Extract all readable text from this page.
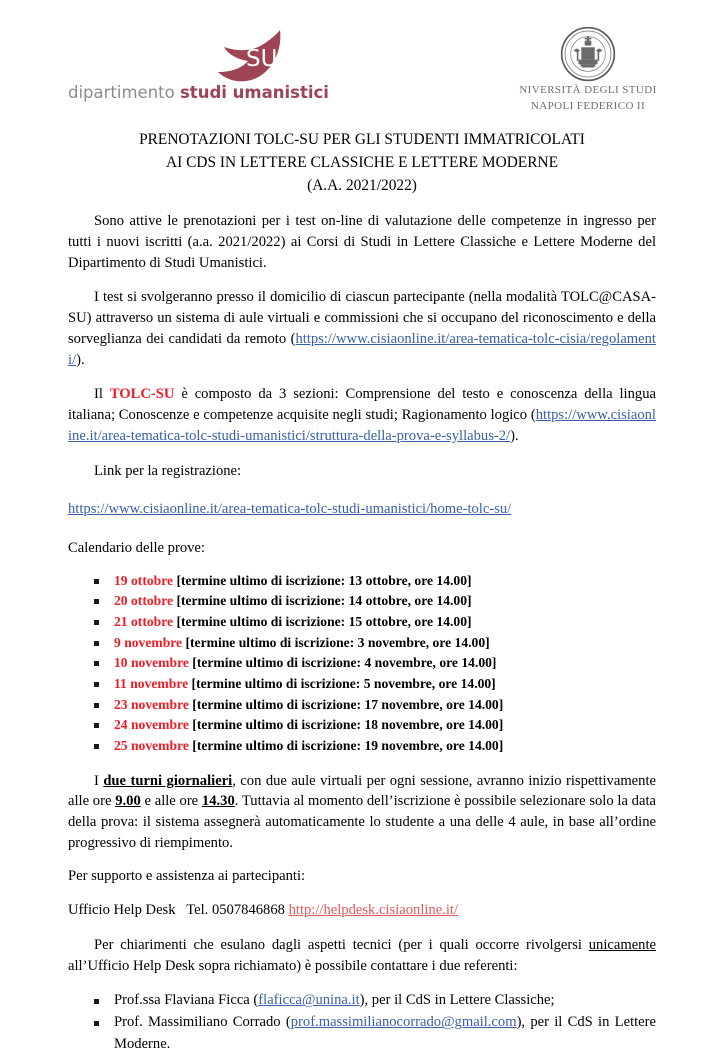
SU
dipartimento studi umanistici
· · · · · · ·
· · · · · ·
NIVERSITÀ DEGLI STUDI
NAPOLI FEDERICO II
PRENOTAZIONI TOLC-SU PER GLI STUDENTI IMMATRICOLATI
AI CDS IN LETTERE CLASSICHE E LETTERE MODERNE
(A.A. 2021/2022)

Sono attive le prenotazioni per i test on-line di valutazione delle competenze in ingresso per tutti i nuovi iscritti (a.a. 2021/2022) ai Corsi di Studi in Lettere Classiche e Lettere Moderne del Dipartimento di Studi Umanistici.

I test si svolgeranno presso il domicilio di ciascun partecipante (nella modalità TOLC@CASA-SU) attraverso un sistema di aule virtuali e commissioni che si occupano del riconoscimento e della sorveglianza dei candidati da remoto (https://www.cisiaonline.it/area-tematica-tolc-cisia/regolamenti/).

Il TOLC-SU è composto da 3 sezioni: Comprensione del testo e conoscenza della lingua italiana; Conoscenze e competenze acquisite negli studi; Ragionamento logico (https://www.cisiaonline.it/area-tematica-tolc-studi-umanistici/struttura-della-prova-e-syllabus-2/).

Link per la registrazione:

https://www.cisiaonline.it/area-tematica-tolc-studi-umanistici/home-tolc-su/

Calendario delle prove:

19 ottobre [termine ultimo di iscrizione: 13 ottobre, ore 14.00]
20 ottobre [termine ultimo di iscrizione: 14 ottobre, ore 14.00]
21 ottobre [termine ultimo di iscrizione: 15 ottobre, ore 14.00]
9 novembre [termine ultimo di iscrizione: 3 novembre, ore 14.00]
10 novembre [termine ultimo di iscrizione: 4 novembre, ore 14.00]
11 novembre [termine ultimo di iscrizione: 5 novembre, ore 14.00]
23 novembre [termine ultimo di iscrizione: 17 novembre, ore 14.00]
24 novembre [termine ultimo di iscrizione: 18 novembre, ore 14.00]
25 novembre [termine ultimo di iscrizione: 19 novembre, ore 14.00]

I due turni giornalieri, con due aule virtuali per ogni sessione, avranno inizio rispettivamente alle ore 9.00 e alle ore 14.30. Tuttavia al momento dell’iscrizione è possibile selezionare solo la data della prova: il sistema assegnerà automaticamente lo studente a una delle 4 aule, in base all’ordine progressivo di riempimento.

Per supporto e assistenza ai partecipanti:

Ufficio Help Desk Tel. 0507846868 http://helpdesk.cisiaonline.it/

Per chiarimenti che esulano dagli aspetti tecnici (per i quali occorre rivolgersi unicamente all’Ufficio Help Desk sopra richiamato) è possibile contattare i due referenti:

Prof.ssa Flaviana Ficca (flaficca@unina.it), per il CdS in Lettere Classiche;
Prof. Massimiliano Corrado (prof.massimilianocorrado@gmail.com), per il CdS in Lettere Moderne.
